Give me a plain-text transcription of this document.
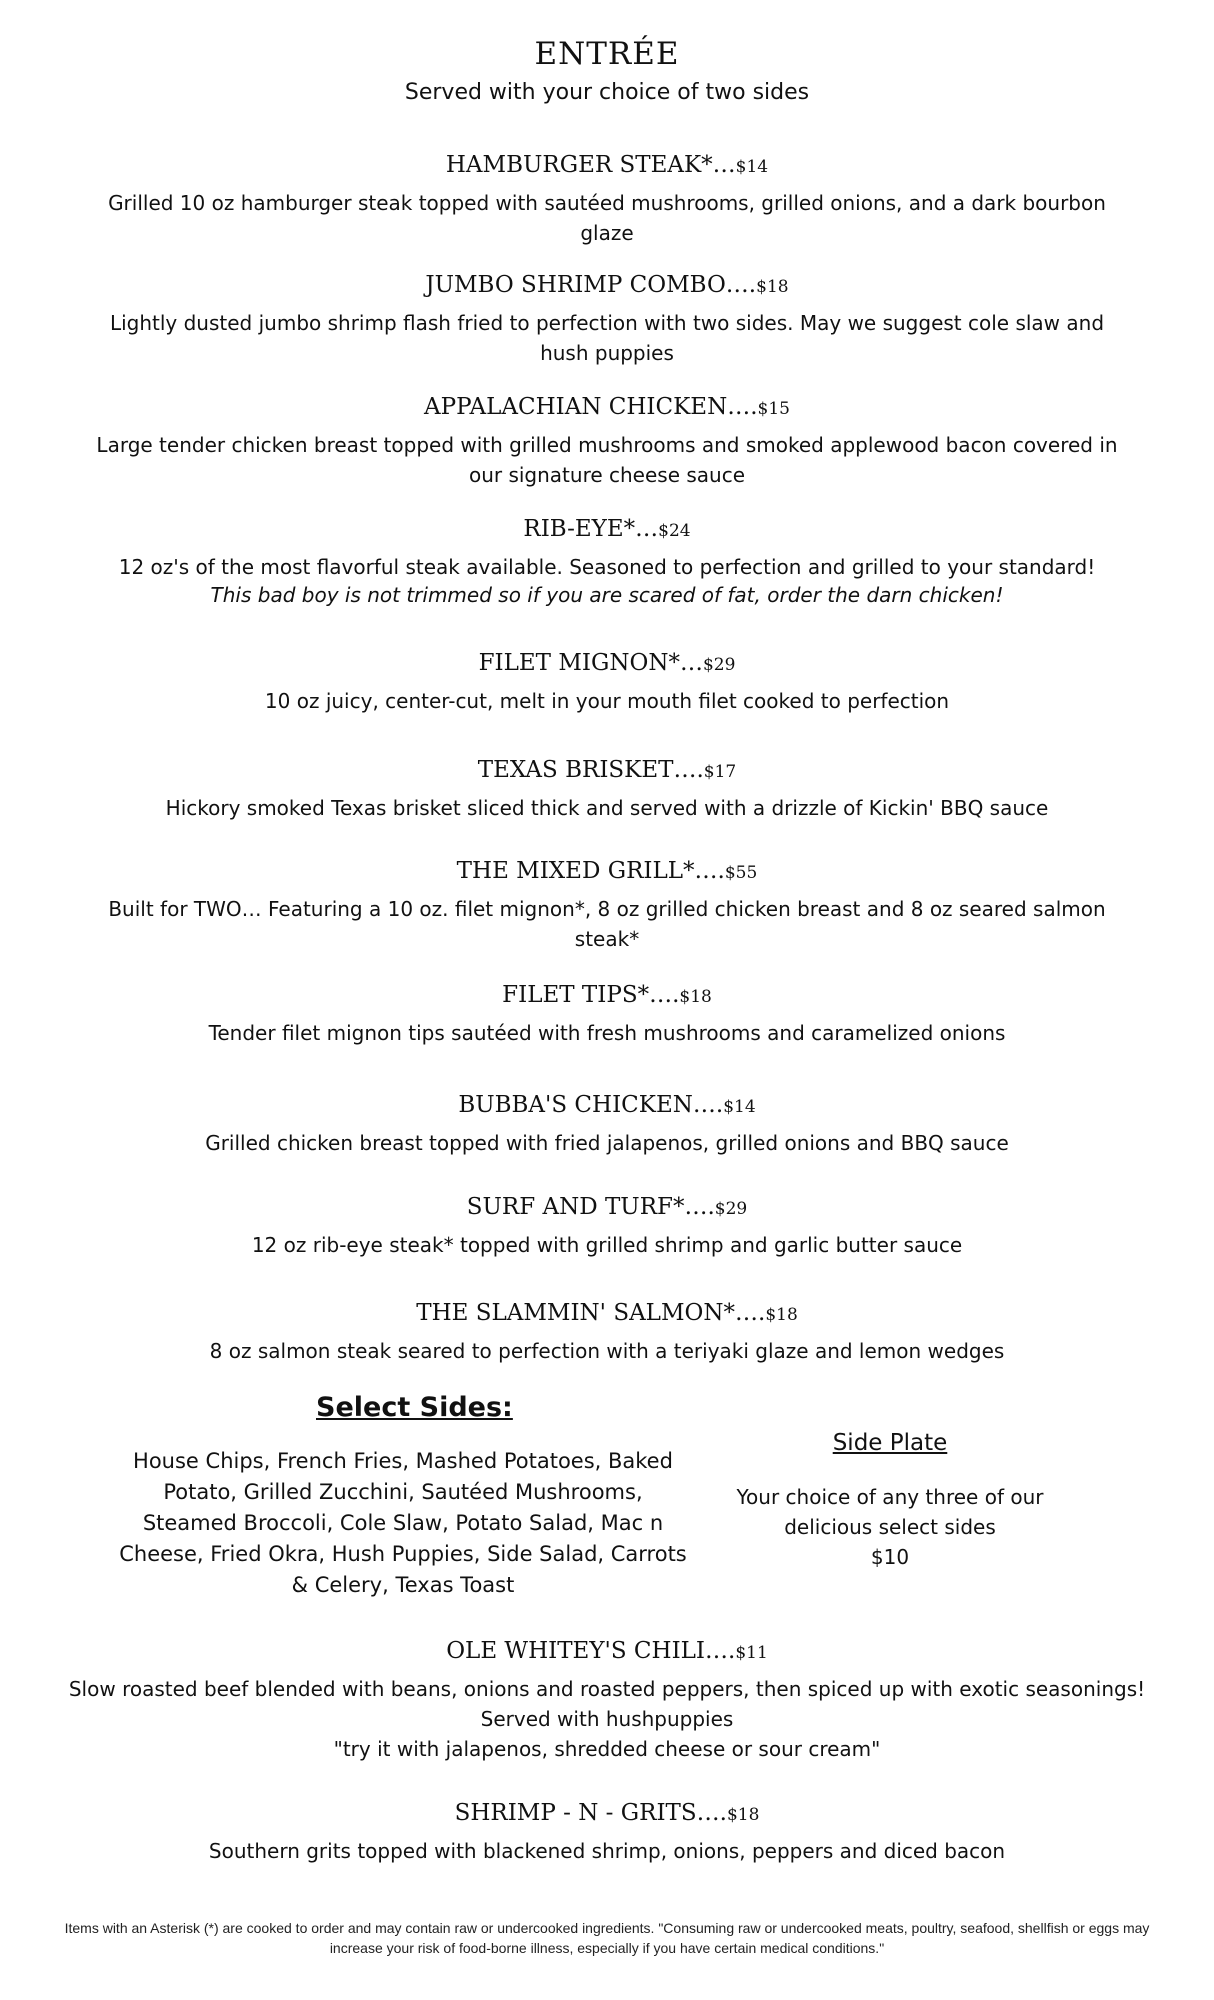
ENTRÉE
Served with your choice of two sides
HAMBURGER STEAK*…$14
Grilled 10 oz hamburger steak topped with sautéed mushrooms, grilled onions, and a dark bourbon glaze
JUMBO SHRIMP COMBO….$18
Lightly dusted jumbo shrimp flash fried to perfection with two sides. May we suggest cole slaw and hush puppies
APPALACHIAN CHICKEN….$15
Large tender chicken breast topped with grilled mushrooms and smoked applewood bacon covered in our signature cheese sauce
RIB-EYE*…$24
12 oz's of the most flavorful steak available. Seasoned to perfection and grilled to your standard!
This bad boy is not trimmed so if you are scared of fat, order the darn chicken!
FILET MIGNON*…$29
10 oz juicy, center-cut, melt in your mouth filet cooked to perfection
TEXAS BRISKET….$17
Hickory smoked Texas brisket sliced thick and served with a drizzle of Kickin' BBQ sauce
THE MIXED GRILL*….$55
Built for TWO… Featuring a 10 oz. filet mignon*, 8 oz grilled chicken breast and 8 oz seared salmon steak*
FILET TIPS*….$18
Tender filet mignon tips sautéed with fresh mushrooms and caramelized onions
BUBBA'S CHICKEN….$14
Grilled chicken breast topped with fried jalapenos, grilled onions and BBQ sauce
SURF AND TURF*….$29
12 oz rib-eye steak* topped with grilled shrimp and garlic butter sauce
THE SLAMMIN' SALMON*….$18
8 oz salmon steak seared to perfection with a teriyaki glaze and lemon wedges
Select Sides:
House Chips, French Fries, Mashed Potatoes, Baked Potato, Grilled Zucchini, Sautéed Mushrooms, Steamed Broccoli, Cole Slaw, Potato Salad, Mac n Cheese, Fried Okra, Hush Puppies, Side Salad, Carrots & Celery, Texas Toast
Side Plate
Your choice of any three of our delicious select sides
$10
OLE WHITEY'S CHILI….$11
Slow roasted beef blended with beans, onions and roasted peppers, then spiced up with exotic seasonings! Served with hushpuppies
"try it with jalapenos, shredded cheese or sour cream"
SHRIMP - N - GRITS….$18
Southern grits topped with blackened shrimp, onions, peppers and diced bacon
Items with an Asterisk (*) are cooked to order and may contain raw or undercooked ingredients. "Consuming raw or undercooked meats, poultry, seafood, shellfish or eggs may increase your risk of food-borne illness, especially if you have certain medical conditions."
